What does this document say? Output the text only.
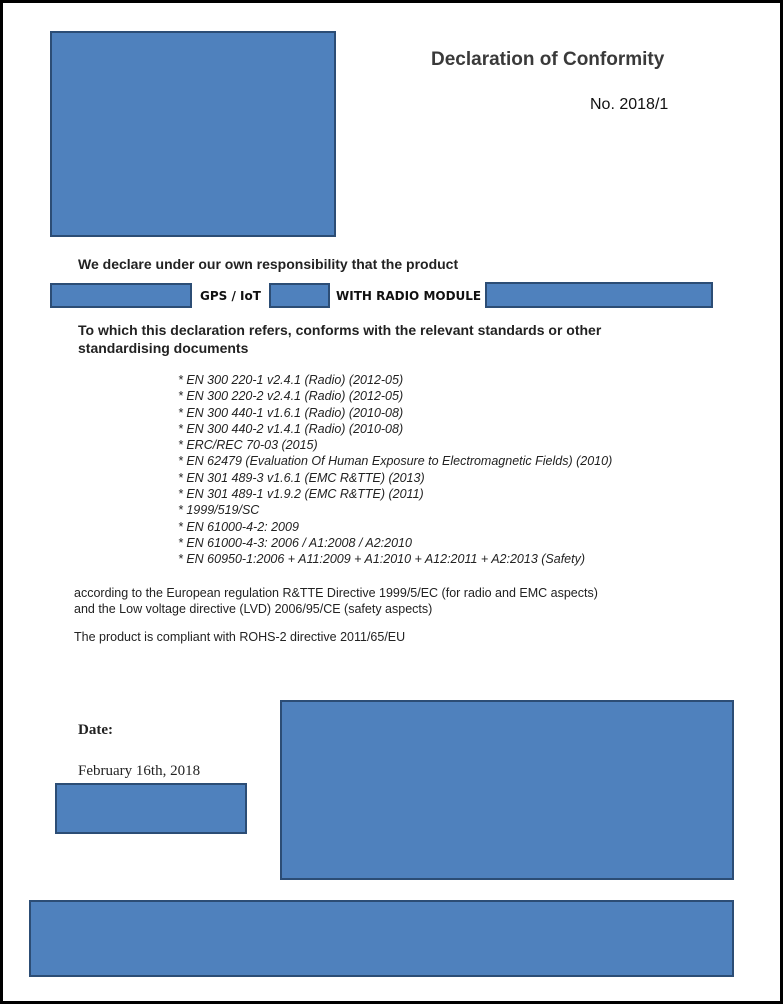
Declaration of Conformity
No. 2018/1
We declare under our own responsibility that the product
GPS / IoT	WITH RADIO MODULE
To which this declaration refers, conforms with the relevant standards or other standardising documents
* EN 300 220-1 v2.4.1 (Radio) (2012-05)
* EN 300 220-2 v2.4.1 (Radio) (2012-05)
* EN 300 440-1 v1.6.1 (Radio) (2010-08)
* EN 300 440-2 v1.4.1 (Radio) (2010-08)
* ERC/REC 70-03 (2015)
* EN 62479 (Evaluation Of Human Exposure to Electromagnetic Fields) (2010)
* EN 301 489-3 v1.6.1 (EMC R&TTE) (2013)
* EN 301 489-1 v1.9.2 (EMC R&TTE) (2011)
* 1999/519/SC
* EN 61000-4-2: 2009
* EN 61000-4-3: 2006 / A1:2008 / A2:2010
* EN 60950-1:2006 + A11:2009 + A1:2010 + A12:2011 + A2:2013 (Safety)
according to the European regulation R&TTE Directive 1999/5/EC (for radio and EMC aspects)
and the Low voltage directive (LVD) 2006/95/CE (safety aspects)
The product is compliant with ROHS-2 directive 2011/65/EU
Date:
February 16th, 2018
